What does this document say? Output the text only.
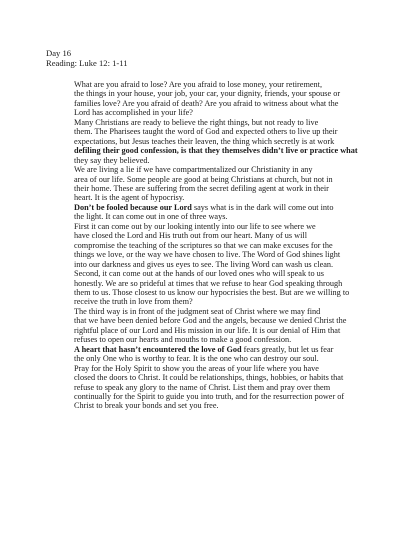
Day 16
Reading: Luke 12: 1-11

What are you afraid to lose? Are you afraid to lose money, your retirement,
the things in your house, your job, your car, your dignity, friends, your spouse or
families love? Are you afraid of death? Are you afraid to witness about what the
Lord has accomplished in your life?

Many Christians are ready to believe the right things, but not ready to live
them. The Pharisees taught the word of God and expected others to live up their
expectations, but Jesus teaches their leaven, the thing which secretly is at work
defiling their good confession, is that they themselves didn’t live or practice what
they say they believed.

We are living a lie if we have compartmentalized our Christianity in any
area of our life. Some people are good at being Christians at church, but not in
their home. These are suffering from the secret defiling agent at work in their
heart. It is the agent of hypocrisy.

Don’t be fooled because our Lord says what is in the dark will come out into
the light. It can come out in one of three ways.

First it can come out by our looking intently into our life to see where we
have closed the Lord and His truth out from our heart. Many of us will
compromise the teaching of the scriptures so that we can make excuses for the
things we love, or the way we have chosen to live. The Word of God shines light
into our darkness and gives us eyes to see. The living Word can wash us clean.

Second, it can come out at the hands of our loved ones who will speak to us
honestly. We are so prideful at times that we refuse to hear God speaking through
them to us. Those closest to us know our hypocrisies the best. But are we willing to
receive the truth in love from them?

The third way is in front of the judgment seat of Christ where we may find
that we have been denied before God and the angels, because we denied Christ the
rightful place of our Lord and His mission in our life. It is our denial of Him that
refuses to open our hearts and mouths to make a good confession.

A heart that hasn’t encountered the love of God fears greatly, but let us fear
the only One who is worthy to fear. It is the one who can destroy our soul.

Pray for the Holy Spirit to show you the areas of your life where you have
closed the doors to Christ. It could be relationships, things, hobbies, or habits that
refuse to speak any glory to the name of Christ. List them and pray over them
continually for the Spirit to guide you into truth, and for the resurrection power of
Christ to break your bonds and set you free.
